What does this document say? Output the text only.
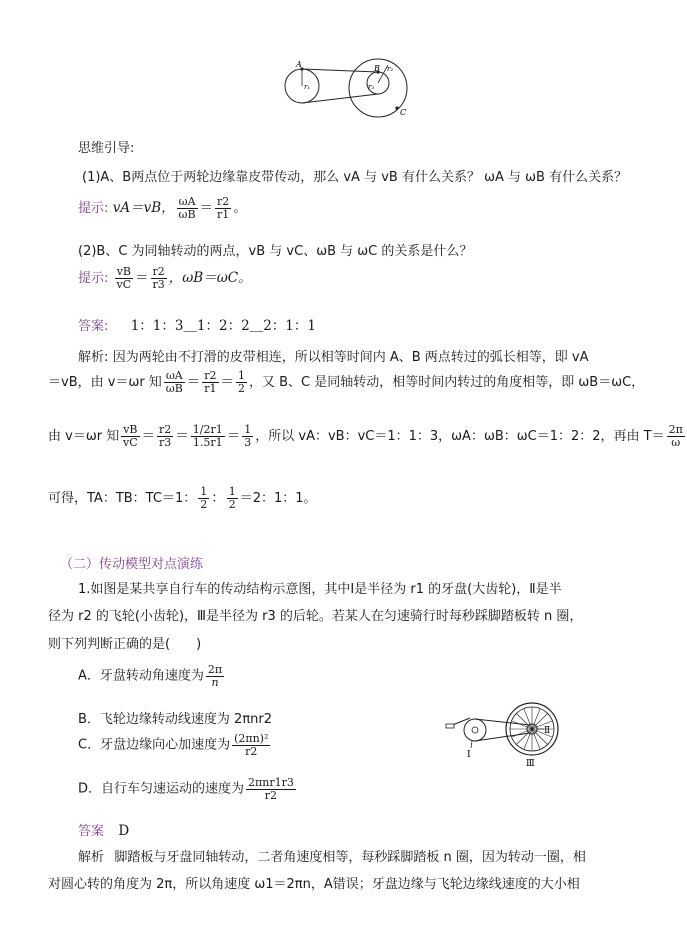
A
r₁
B r₂
r₃
C
思维引导:
(1)A、B两点位于两轮边缘靠皮带传动，那么 vA 与 vB 有什么关系？ ωA 与 ωB 有什么关系？
提示: vA＝vB， $\frac{\omega A}{\omega B} = \frac{r2}{r1}$ 。
(2)B、C 为同轴转动的两点，vB 与 vC、ωB 与 ωC 的关系是什么？
提示: $\frac{vB}{vC} = \frac{r2}{r3}$ ，ωB＝ωC。
答案: 1：1：3＿1：2：2＿2：1：1
解析: 因为两轮由不打滑的皮带相连，所以相等时间内 A、B 两点转过的弧长相等，即 vA
＝vB，由 v＝ωr 知 $\frac{\omega A}{\omega B} = \frac{r2}{r1} = \frac{1}{2}$ ，又 B、C 是同轴转动，相等时间内转过的角度相等，即 ωB＝ωC，
由 v＝ωr 知 $\frac{vB}{vC} = \frac{r2}{r3} = \frac{1/2r1}{1.5r1} = \frac{1}{3}$ ，所以 vA：vB：vC＝1：1：3，ωA：ωB：ωC＝1：2：2，再由 $T= \frac{2\pi}{\omega}$
可得，TA：TB：TC＝1： $\frac{1}{2}$ ： $\frac{1}{2} =2$：1：1。
（二）传动模型对点演练
1.如图是某共享自行车的传动结构示意图，其中Ⅰ是半径为 r1 的牙盘(大齿轮)，Ⅱ是半
径为 r2 的飞轮(小齿轮)，Ⅲ是半径为 r3 的后轮。若某人在匀速骑行时每秒踩脚踏板转 n 圈，
则下列判断正确的是(　　)
A．牙盘转动角速度为 $\frac{2\pi}{n}$
B．飞轮边缘转动线速度为 2πnr2
C．牙盘边缘向心加速度为 $\frac{\text{(2πn)²}}{r2}$
D．自行车匀速运动的速度为 $\frac{\text{2πnr1r3}}{r2}$
Ⅱ
Ⅰ
Ⅲ
答案 D
解析 脚踏板与牙盘同轴转动，二者角速度相等，每秒踩脚踏板 n 圈，因为转动一圈，相
对圆心转的角度为 2π，所以角速度 ω1＝2πn，A错误；牙盘边缘与飞轮边缘线速度的大小相
